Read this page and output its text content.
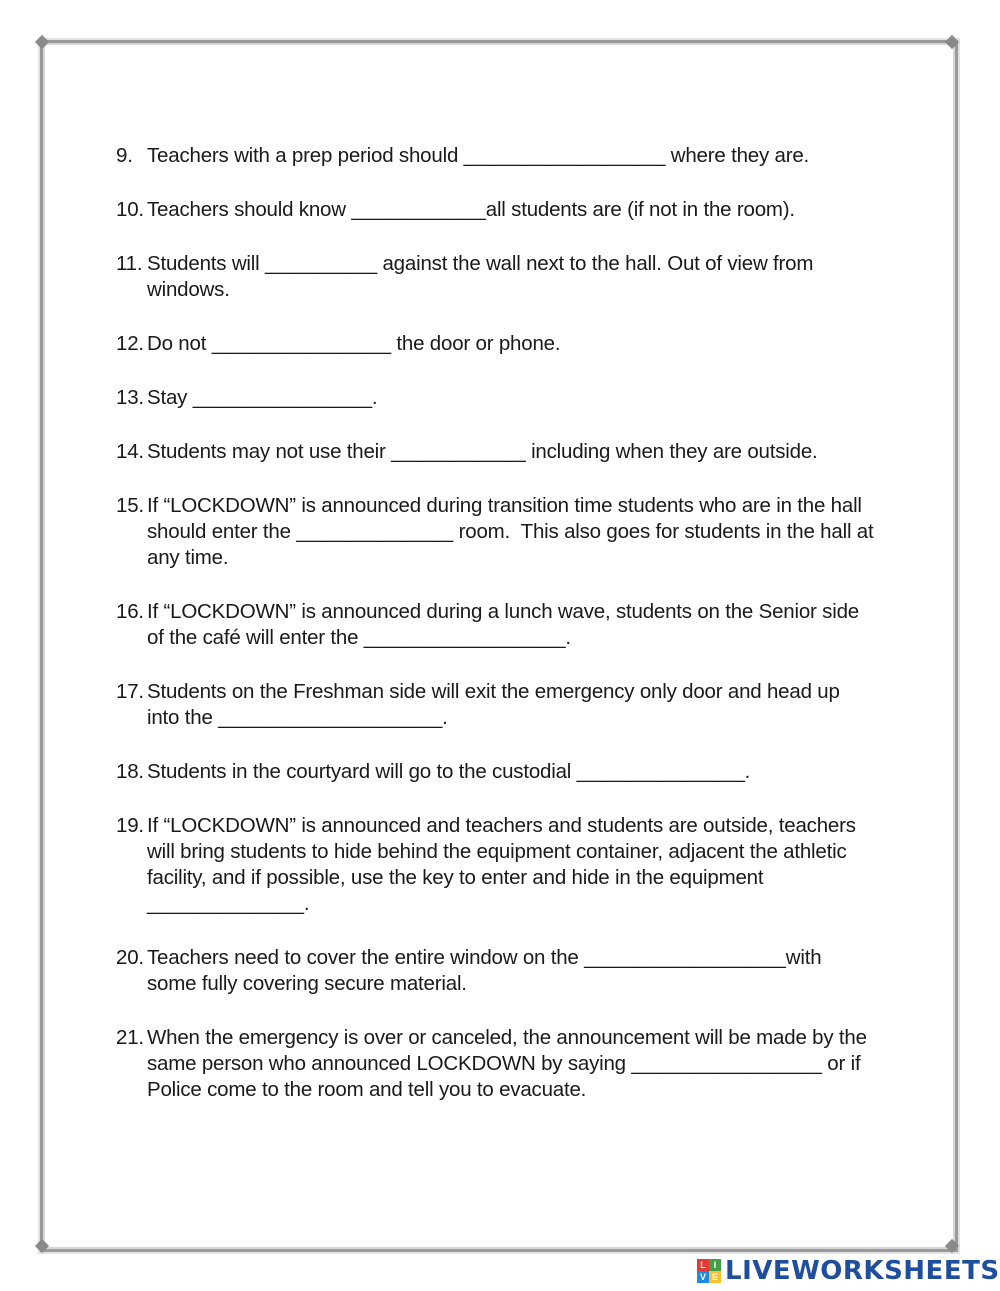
9. Teachers with a prep period should __________________ where they are.
10. Teachers should know ____________all students are (if not in the room).
11. Students will __________ against the wall next to the hall. Out of view from windows.
12. Do not ________________ the door or phone.
13. Stay ________________.
14. Students may not use their ____________ including when they are outside.
15. If “LOCKDOWN” is announced during transition time students who are in the hall should enter the ______________ room.  This also goes for students in the hall at any time.
16. If “LOCKDOWN” is announced during a lunch wave, students on the Senior side of the café will enter the __________________.
17. Students on the Freshman side will exit the emergency only door and head up into the ____________________.
18. Students in the courtyard will go to the custodial _______________.
19. If “LOCKDOWN” is announced and teachers and students are outside, teachers will bring students to hide behind the equipment container, adjacent the athletic facility, and if possible, use the key to enter and hide in the equipment ______________.
20. Teachers need to cover the entire window on the __________________with some fully covering secure material.
21. When the emergency is over or canceled, the announcement will be made by the same person who announced LOCKDOWN by saying _________________ or if Police come to the room and tell you to evacuate.
L I
V E LIVEWORKSHEETS
